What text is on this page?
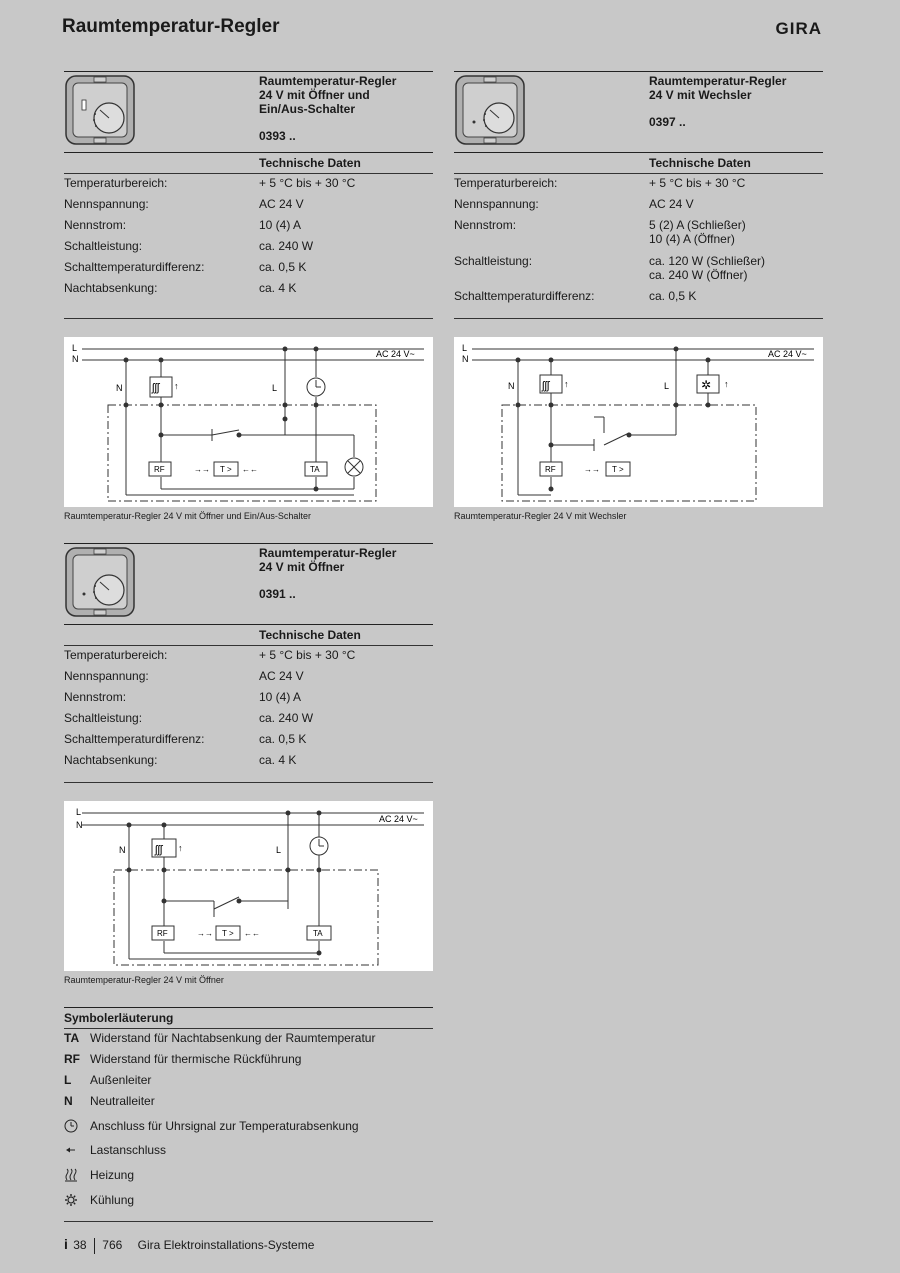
Raumtemperatur-Regler	GIRA
Raumtemperatur-Regler
24 V mit Öffner und
Ein/Aus-Schalter
0393 ..
Technische Daten
Temperaturbereich:	+ 5 °C bis + 30 °C
Nennspannung:	AC 24 V
Nennstrom:	10 (4) A
Schaltleistung:	ca. 240 W
Schalttemperaturdifferenz:	ca. 0,5 K
Nachtabsenkung:	ca. 4 K
L
N	AC 24 V~
N	L
RF	T >	TA
ʃʃʃ ↑
→→	←←
Raumtemperatur-Regler 24 V mit Öffner und Ein/Aus-Schalter
Raumtemperatur-Regler
24 V mit Wechsler
0397 ..
Technische Daten
Temperaturbereich:	+ 5 °C bis + 30 °C
Nennspannung:	AC 24 V
Nennstrom:	5 (2) A (Schließer)
10 (4) A (Öffner)
Schaltleistung:	ca. 120 W (Schließer)
ca. 240 W (Öffner)
Schalttemperaturdifferenz:	ca. 0,5 K
L
N	AC 24 V~
N	L
RF	T >
ʃʃʃ ↑	✲ ↑
→→
Raumtemperatur-Regler 24 V mit Wechsler
Raumtemperatur-Regler
24 V mit Öffner
0391 ..
Technische Daten
Temperaturbereich:	+ 5 °C bis + 30 °C
Nennspannung:	AC 24 V
Nennstrom:	10 (4) A
Schaltleistung:	ca. 240 W
Schalttemperaturdifferenz:	ca. 0,5 K
Nachtabsenkung:	ca. 4 K
L
N
AC 24 V~
N	L
RF	T >	TA
ʃʃʃ ↑
→→	←←
Raumtemperatur-Regler 24 V mit Öffner
Symbolerläuterung
TA Widerstand für Nachtabsenkung der Raumtemperatur
RF Widerstand für thermische Rückführung
L	Außenleiter
N	Neutralleiter
Anschluss für Uhrsignal zur Temperaturabsenkung
Lastanschluss
Heizung
Kühlung
i 38 766 Gira Elektroinstallations-Systeme
